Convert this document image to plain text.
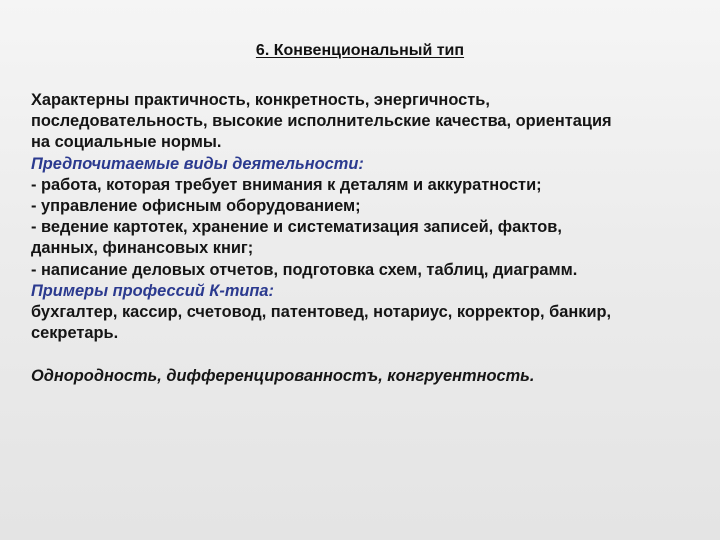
6. Конвенциональный тип
Характерны практичность, конкретность, энергичность,
последовательность, высокие исполнительские качества, ориентация
на социальные нормы.
Предпочитаемые виды деятельности:
- работа, которая требует внимания к деталям и аккуратности;
- управление офисным оборудованием;
- ведение картотек, хранение и систематизация записей, фактов,
данных, финансовых книг;
- написание деловых отчетов, подготовка схем, таблиц, диаграмм.
Примеры профессий К-типа:
бухгалтер, кассир, счетовод, патентовед, нотариус, корректор, банкир,
секретарь.
Однородность, дифференцированностъ, конгруентность.
